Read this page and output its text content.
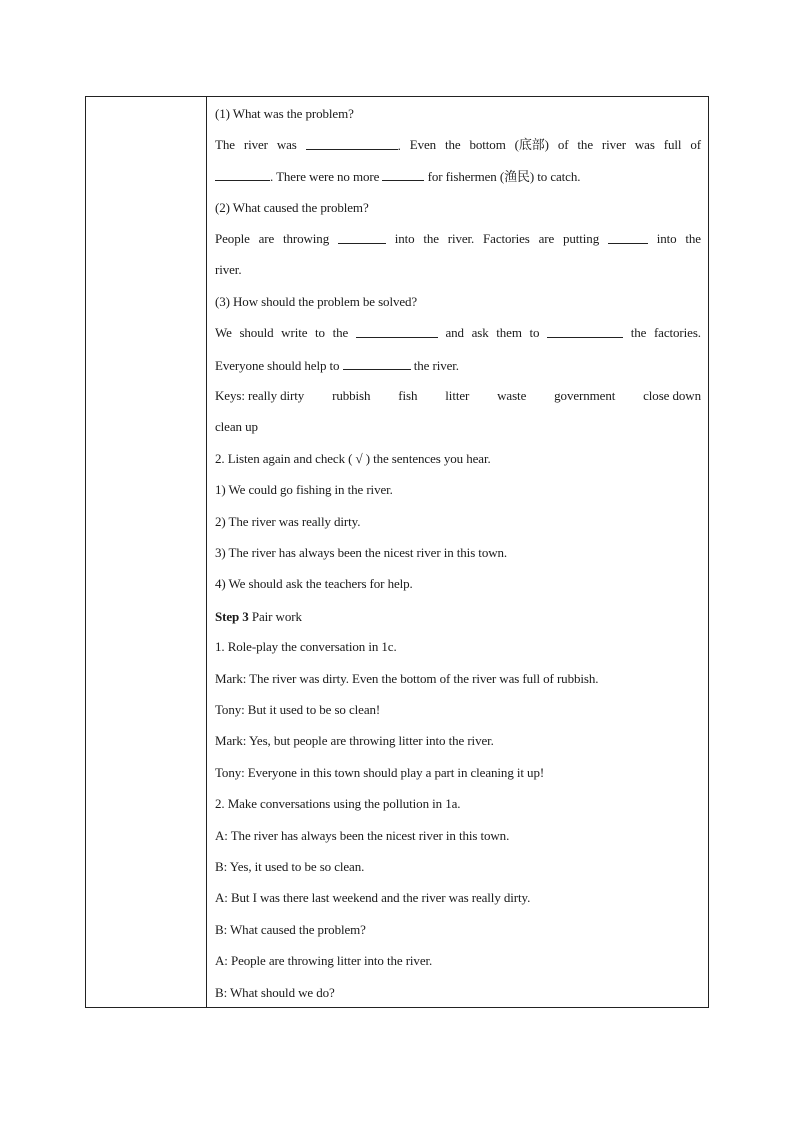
(1) What was the problem?
The river was	. Even the bottom (底部) of the river was full of
. There were no more	for fishermen (渔民) to catch.
(2) What caused the problem?
People are throwing	into the river. Factories are putting	into the
river.
(3) How should the problem be solved?
We should write to the	and ask them to	the factories.
Everyone should help to	the river.
Keys: really dirty rubbish fish litter waste government close down
clean up
2. Listen again and check ( √ ) the sentences you hear.
1) We could go fishing in the river.
2) The river was really dirty.
3) The river has always been the nicest river in this town.
4) We should ask the teachers for help.
Step 3 Pair work
1. Role-play the conversation in 1c.
Mark: The river was dirty. Even the bottom of the river was full of rubbish.
Tony: But it used to be so clean!
Mark: Yes, but people are throwing litter into the river.
Tony: Everyone in this town should play a part in cleaning it up!
2. Make conversations using the pollution in 1a.
A: The river has always been the nicest river in this town.
B: Yes, it used to be so clean.
A: But I was there last weekend and the river was really dirty.
B: What caused the problem?
A: People are throwing litter into the river.
B: What should we do?
